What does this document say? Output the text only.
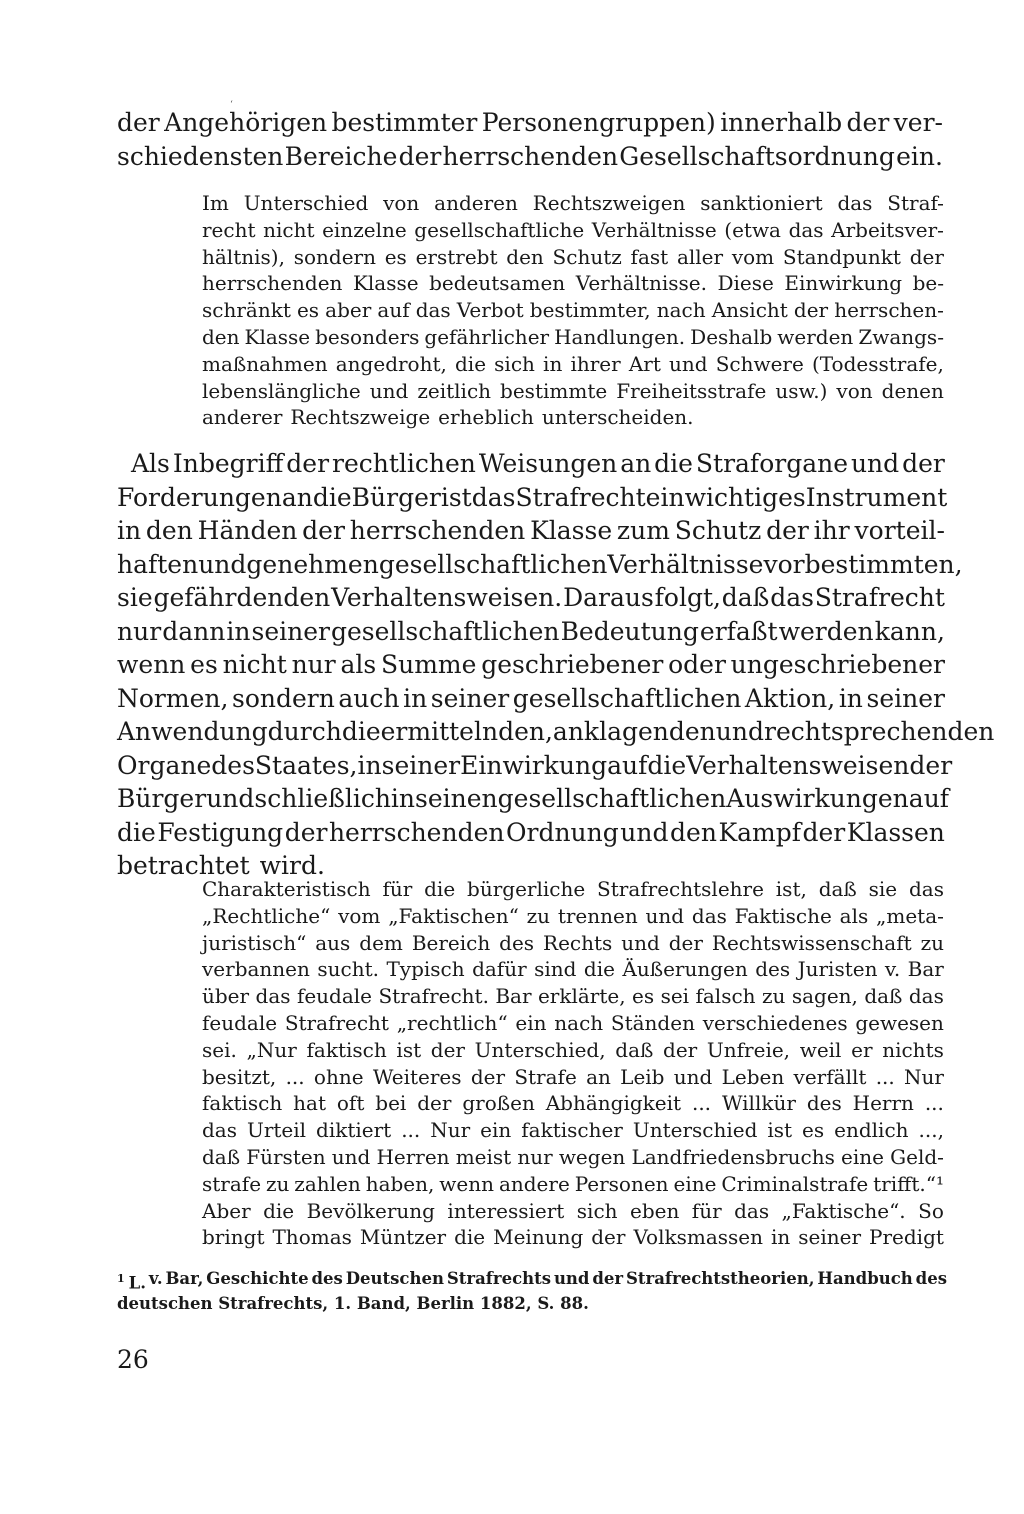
ʻ
der Angehörigen bestimmter Personengruppen) innerhalb der ver-
schiedensten Bereiche der herrschenden Gesellschaftsordnung ein.
Im Unterschied von anderen Rechtszweigen sanktioniert das Straf-
recht nicht einzelne gesellschaftliche Verhältnisse (etwa das Arbeitsver-
hältnis), sondern es erstrebt den Schutz fast aller vom Standpunkt der
herrschenden Klasse bedeutsamen Verhältnisse. Diese Einwirkung be-
schränkt es aber auf das Verbot bestimmter, nach Ansicht der herrschen-
den Klasse besonders gefährlicher Handlungen. Deshalb werden Zwangs-
maßnahmen angedroht, die sich in ihrer Art und Schwere (Todesstrafe,
lebenslängliche und zeitlich bestimmte Freiheitsstrafe usw.) von denen
anderer Rechtszweige erheblich unterscheiden.
Als Inbegriff der rechtlichen Weisungen an die Straforgane und der
Forderungen an die Bürger ist das Strafrecht ein wichtiges Instrument
in den Händen der herrschenden Klasse zum Schutz der ihr vorteil-
haften und genehmen gesellschaftlichen Verhältnisse vor bestimmten,
sie gefährdenden Verhaltensweisen. Daraus folgt, daß das Strafrecht
nur dann in seiner gesellschaftlichen Bedeutung erfaßt werden kann,
wenn es nicht nur als Summe geschriebener oder ungeschriebener
Normen, sondern auch in seiner gesellschaftlichen Aktion, in seiner
Anwendung durch die ermittelnden, anklagenden und rechtsprechenden
Organe des Staates, in seiner Einwirkung auf die Verhaltensweisen der
Bürger und schließlich in seinen gesellschaftlichen Auswirkungen auf
die Festigung der herrschenden Ordnung und den Kampf der Klassen
betrachtet wird.
Charakteristisch für die bürgerliche Strafrechtslehre ist, daß sie das
„Rechtliche“ vom „Faktischen“ zu trennen und das Faktische als „meta-
juristisch“ aus dem Bereich des Rechts und der Rechtswissenschaft zu
verbannen sucht. Typisch dafür sind die Äußerungen des Juristen v. Bar
über das feudale Strafrecht. Bar erklärte, es sei falsch zu sagen, daß das
feudale Strafrecht „rechtlich“ ein nach Ständen verschiedenes gewesen
sei. „Nur faktisch ist der Unterschied, daß der Unfreie, weil er nichts
besitzt, ... ohne Weiteres der Strafe an Leib und Leben verfällt ... Nur
faktisch hat oft bei der großen Abhängigkeit ... Willkür des Herrn ...
das Urteil diktiert ... Nur ein faktischer Unterschied ist es endlich ...,
daß Fürsten und Herren meist nur wegen Landfriedensbruchs eine Geld-
strafe zu zahlen haben, wenn andere Personen eine Criminalstrafe trifft.“¹
Aber die Bevölkerung interessiert sich eben für das „Faktische“. So
bringt Thomas Müntzer die Meinung der Volksmassen in seiner Predigt
1 L. v. Bar, Geschichte des Deutschen Strafrechts und der Strafrechtstheorien, Handbuch des
deutschen Strafrechts, 1. Band, Berlin 1882, S. 88.
26
